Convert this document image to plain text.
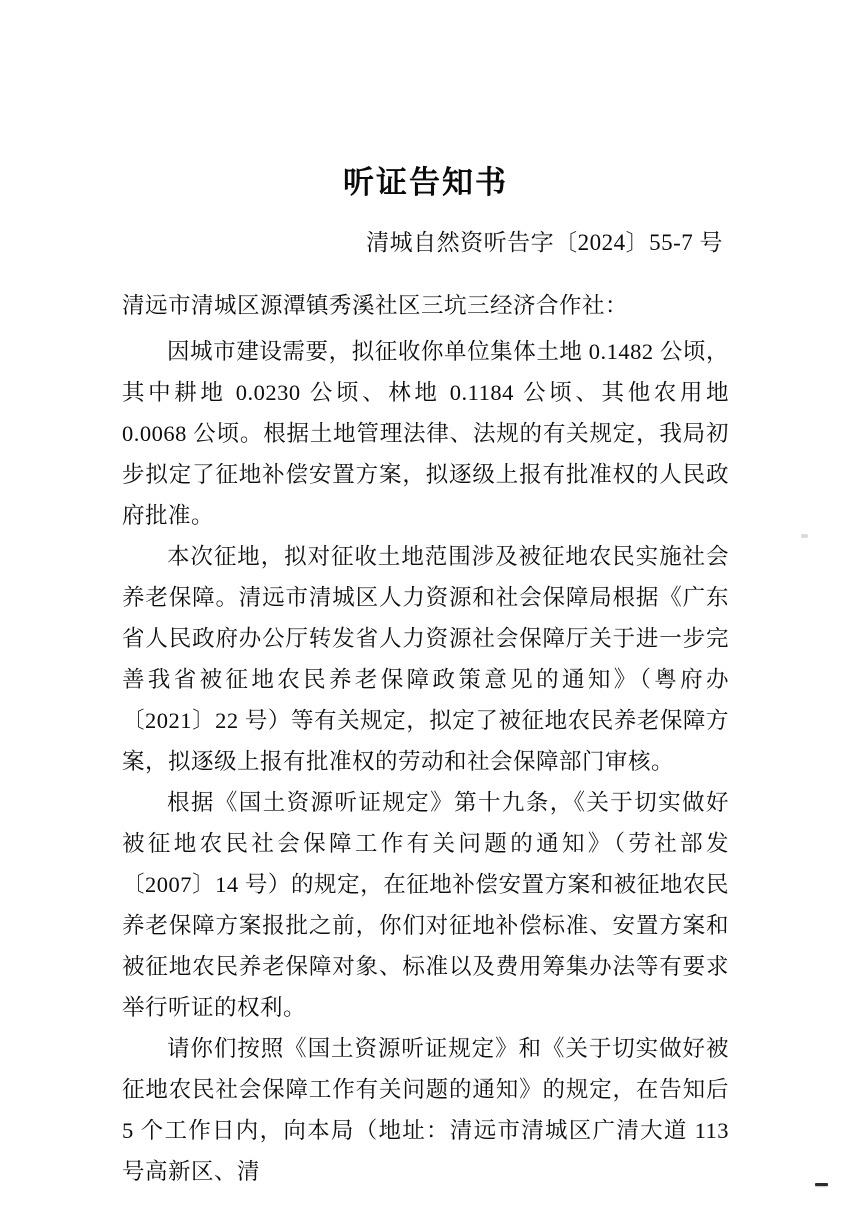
听证告知书
清城自然资听告字〔2024〕55-7 号
清远市清城区源潭镇秀溪社区三坑三经济合作社：

因城市建设需要，拟征收你单位集体土地 0.1482 公顷，其中耕地 0.0230 公顷、林地 0.1184 公顷、其他农用地 0.0068 公顷。根据土地管理法律、法规的有关规定，我局初步拟定了征地补偿安置方案，拟逐级上报有批准权的人民政府批准。

本次征地，拟对征收土地范围涉及被征地农民实施社会养老保障。清远市清城区人力资源和社会保障局根据《广东省人民政府办公厅转发省人力资源社会保障厅关于进一步完善我省被征地农民养老保障政策意见的通知》（粤府办〔2021〕22 号）等有关规定，拟定了被征地农民养老保障方案，拟逐级上报有批准权的劳动和社会保障部门审核。

根据《国土资源听证规定》第十九条，《关于切实做好被征地农民社会保障工作有关问题的通知》（劳社部发〔2007〕14 号）的规定，在征地补偿安置方案和被征地农民养老保障方案报批之前，你们对征地补偿标准、安置方案和被征地农民养老保障对象、标准以及费用筹集办法等有要求举行听证的权利。

请你们按照《国土资源听证规定》和《关于切实做好被征地农民社会保障工作有关问题的通知》的规定，在告知后 5 个工作日内，向本局（地址：清远市清城区广清大道 113 号高新区、清
